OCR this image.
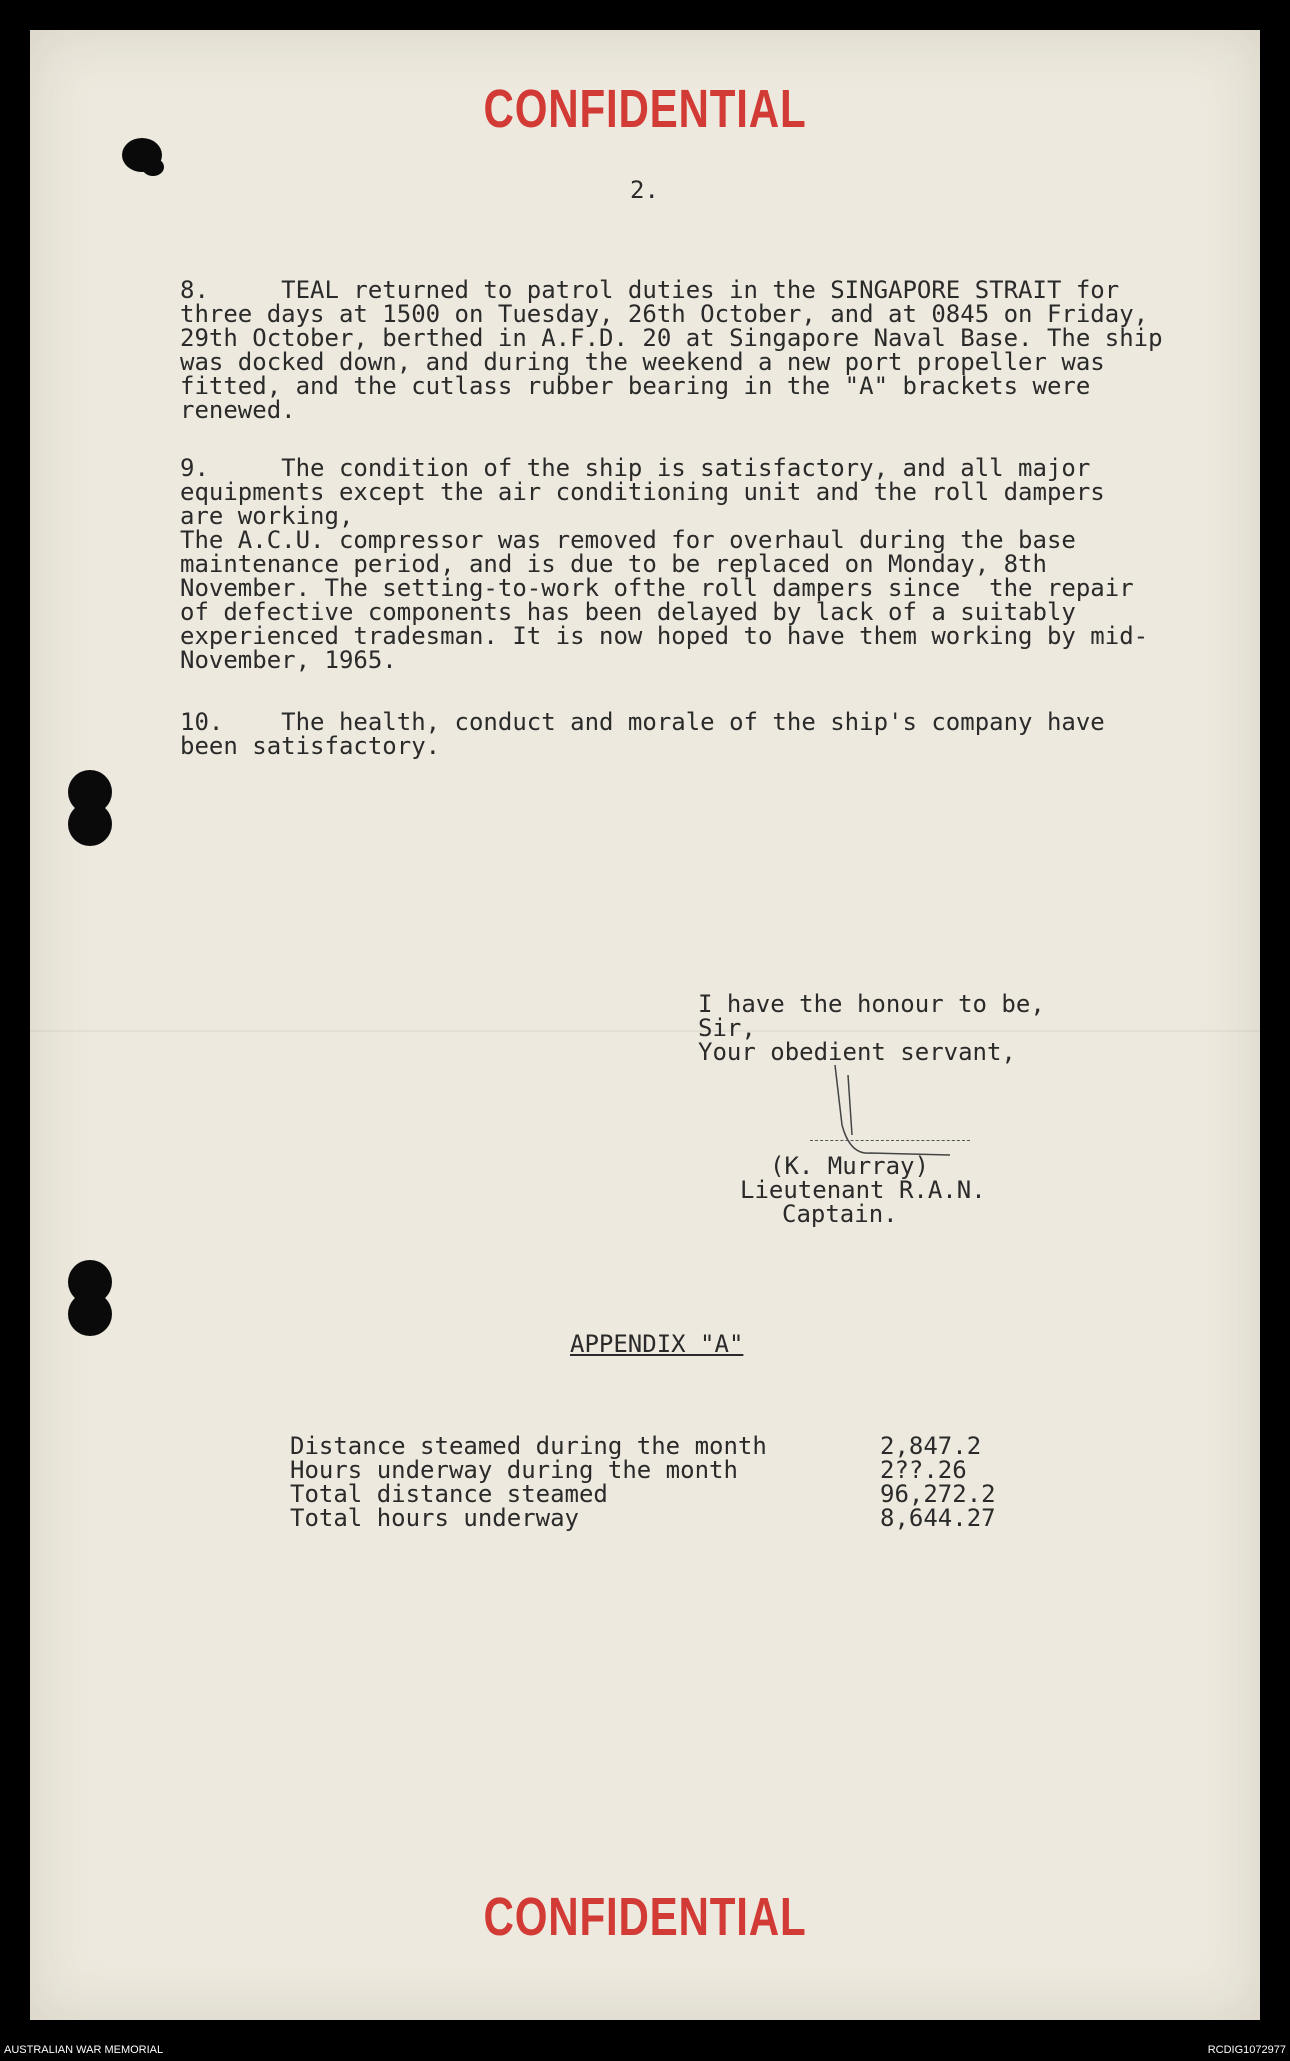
CONFIDENTIAL
2.
8.     TEAL returned to patrol duties in the SINGAPORE STRAIT for
three days at 1500 on Tuesday, 26th October, and at 0845 on Friday,
29th October, berthed in A.F.D. 20 at Singapore Naval Base. The ship
was docked down, and during the weekend a new port propeller was
fitted, and the cutlass rubber bearing in the "A" brackets were
renewed.
9.     The condition of the ship is satisfactory, and all major
equipments except the air conditioning unit and the roll dampers
are working,
The A.C.U. compressor was removed for overhaul during the base
maintenance period, and is due to be replaced on Monday, 8th
November. The setting-to-work ofthe roll dampers since  the repair
of defective components has been delayed by lack of a suitably
experienced tradesman. It is now hoped to have them working by mid-
November, 1965.
10.    The health, conduct and morale of the ship's company have
been satisfactory.
I have the honour to be,
Sir,
Your obedient servant,
(K. Murray)
Lieutenant R.A.N.
Captain.
APPENDIX "A"
Distance steamed during the month	2,847.2
Hours underway during the month	2??.26
Total distance steamed	96,272.2
Total hours underway	8,644.27
CONFIDENTIAL
AUSTRALIAN WAR MEMORIAL	RCDIG1072977
